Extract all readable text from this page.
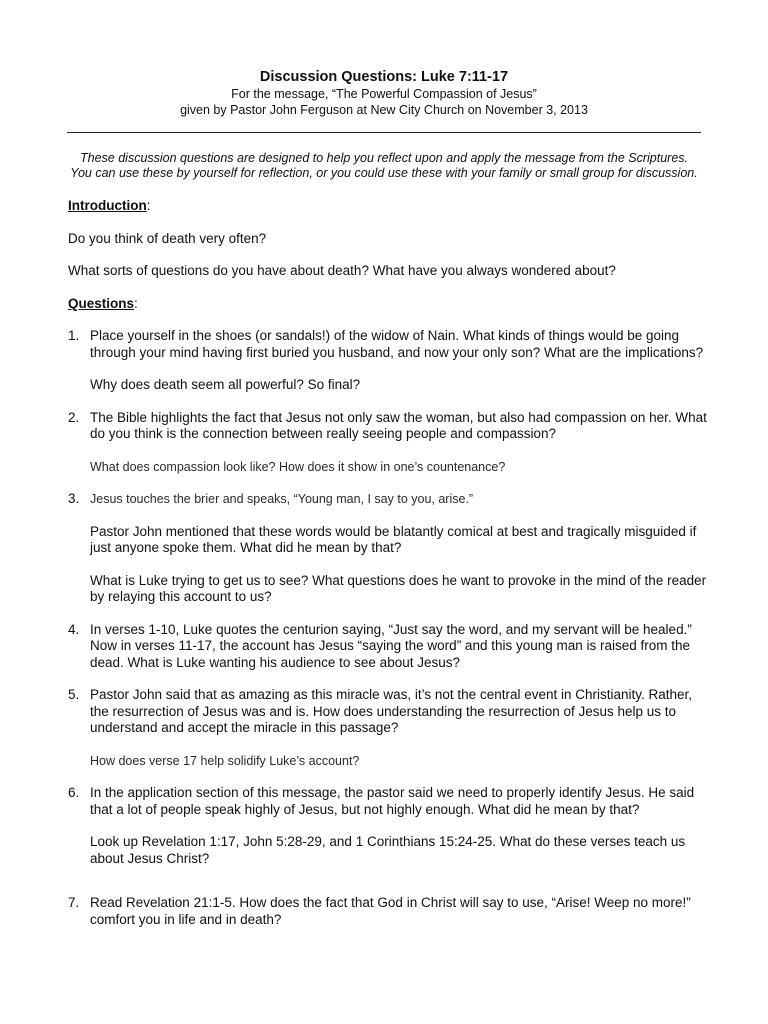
Discussion Questions: Luke 7:11-17

For the message, “The Powerful Compassion of Jesus”

given by Pastor John Ferguson at New City Church on November 3, 2013

These discussion questions are designed to help you reflect upon and apply the message from the Scriptures.

You can use these by yourself for reflection, or you could use these with your family or small group for discussion.

Introduction:

Do you think of death very often?

What sorts of questions do you have about death? What have you always wondered about?

Questions:

1. Place yourself in the shoes (or sandals!) of the widow of Nain. What kinds of things would be going through your mind having first buried you husband, and now your only son? What are the implications?

Why does death seem all powerful? So final?

2. The Bible highlights the fact that Jesus not only saw the woman, but also had compassion on her. What do you think is the connection between really seeing people and compassion?

What does compassion look like? How does it show in one’s countenance?

3. Jesus touches the brier and speaks, “Young man, I say to you, arise.”

Pastor John mentioned that these words would be blatantly comical at best and tragically misguided if just anyone spoke them. What did he mean by that?

What is Luke trying to get us to see? What questions does he want to provoke in the mind of the reader by relaying this account to us?

4. In verses 1-10, Luke quotes the centurion saying, “Just say the word, and my servant will be healed.” Now in verses 11-17, the account has Jesus “saying the word” and this young man is raised from the dead. What is Luke wanting his audience to see about Jesus?

5. Pastor John said that as amazing as this miracle was, it’s not the central event in Christianity. Rather, the resurrection of Jesus was and is. How does understanding the resurrection of Jesus help us to understand and accept the miracle in this passage?

How does verse 17 help solidify Luke’s account?

6. In the application section of this message, the pastor said we need to properly identify Jesus. He said that a lot of people speak highly of Jesus, but not highly enough. What did he mean by that?

Look up Revelation 1:17, John 5:28-29, and 1 Corinthians 15:24-25. What do these verses teach us about Jesus Christ?

7. Read Revelation 21:1-5. How does the fact that God in Christ will say to use, “Arise! Weep no more!” comfort you in life and in death?
